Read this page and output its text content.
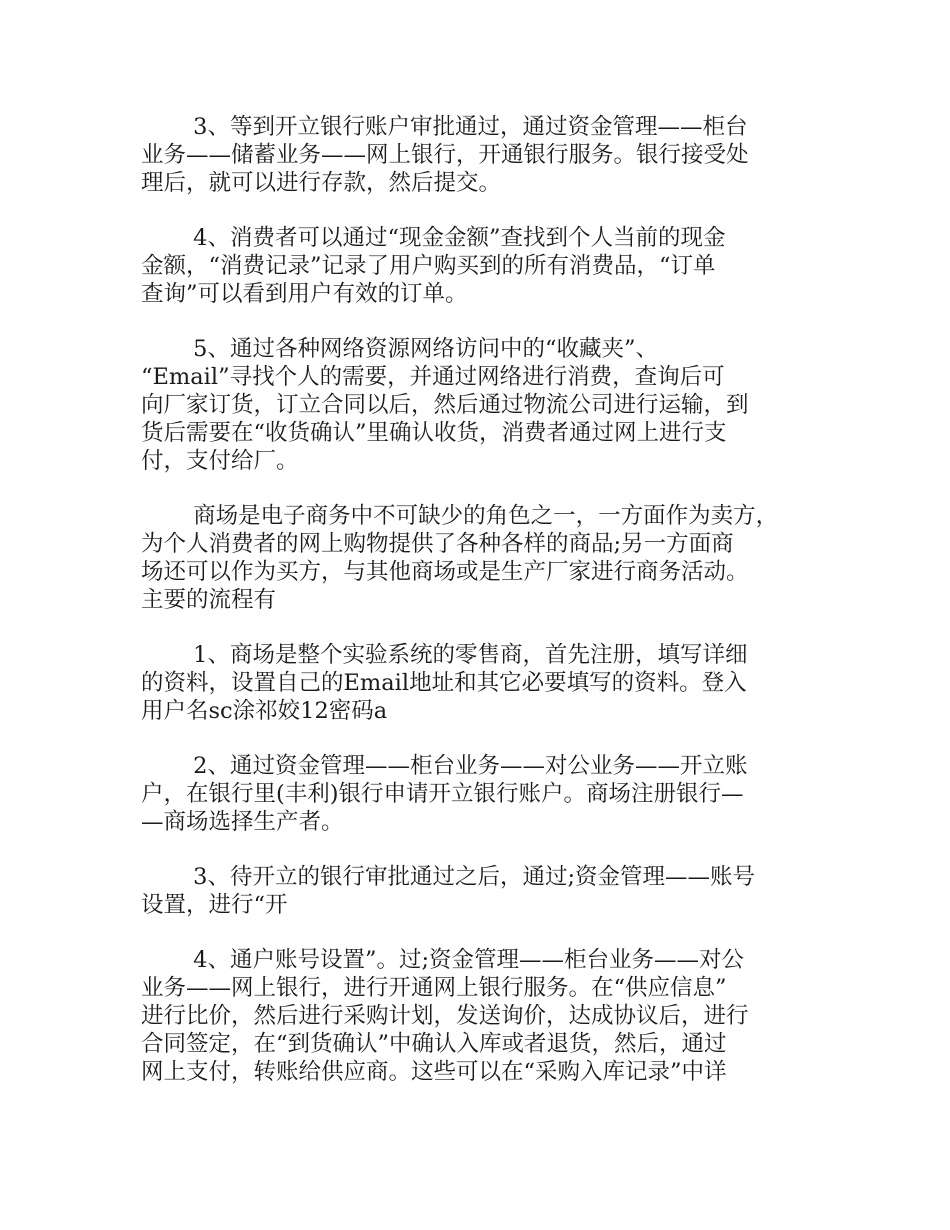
　　 3、等到开立银行账户审批通过，通过资金管理——柜台
业务——储蓄业务——网上银行，开通银行服务。银行接受处
理后，就可以进行存款，然后提交。
　　 4、消费者可以通过“现金金额”查找到个人当前的现金
金额，“消费记录”记录了用户购买到的所有消费品，“订单
查询”可以看到用户有效的订单。
　　 5、通过各种网络资源网络访问中的“收藏夹”、
“Email”寻找个人的需要，并通过网络进行消费，查询后可
向厂家订货，订立合同以后，然后通过物流公司进行运输，到
货后需要在“收货确认”里确认收货，消费者通过网上进行支
付，支付给厂。
　　 商场是电子商务中不可缺少的角色之一，一方面作为卖方，
为个人消费者的网上购物提供了各种各样的商品;另一方面商
场还可以作为买方，与其他商场或是生产厂家进行商务活动。
主要的流程有
　　 1、商场是整个实验系统的零售商，首先注册，填写详细
的资料，设置自己的Email地址和其它必要填写的资料。登入
用户名sc涂祁姣12密码a
　　 2、通过资金管理——柜台业务——对公业务——开立账
户，在银行里(丰利)银行申请开立银行账户。商场注册银行—
—商场选择生产者。
　　 3、待开立的银行审批通过之后，通过;资金管理——账号
设置，进行“开
　　 4、通户账号设置”。过;资金管理——柜台业务——对公
业务——网上银行，进行开通网上银行服务。在“供应信息”
进行比价，然后进行采购计划，发送询价，达成协议后，进行
合同签定，在“到货确认”中确认入库或者退货，然后，通过
网上支付，转账给供应商。这些可以在“采购入库记录”中详
